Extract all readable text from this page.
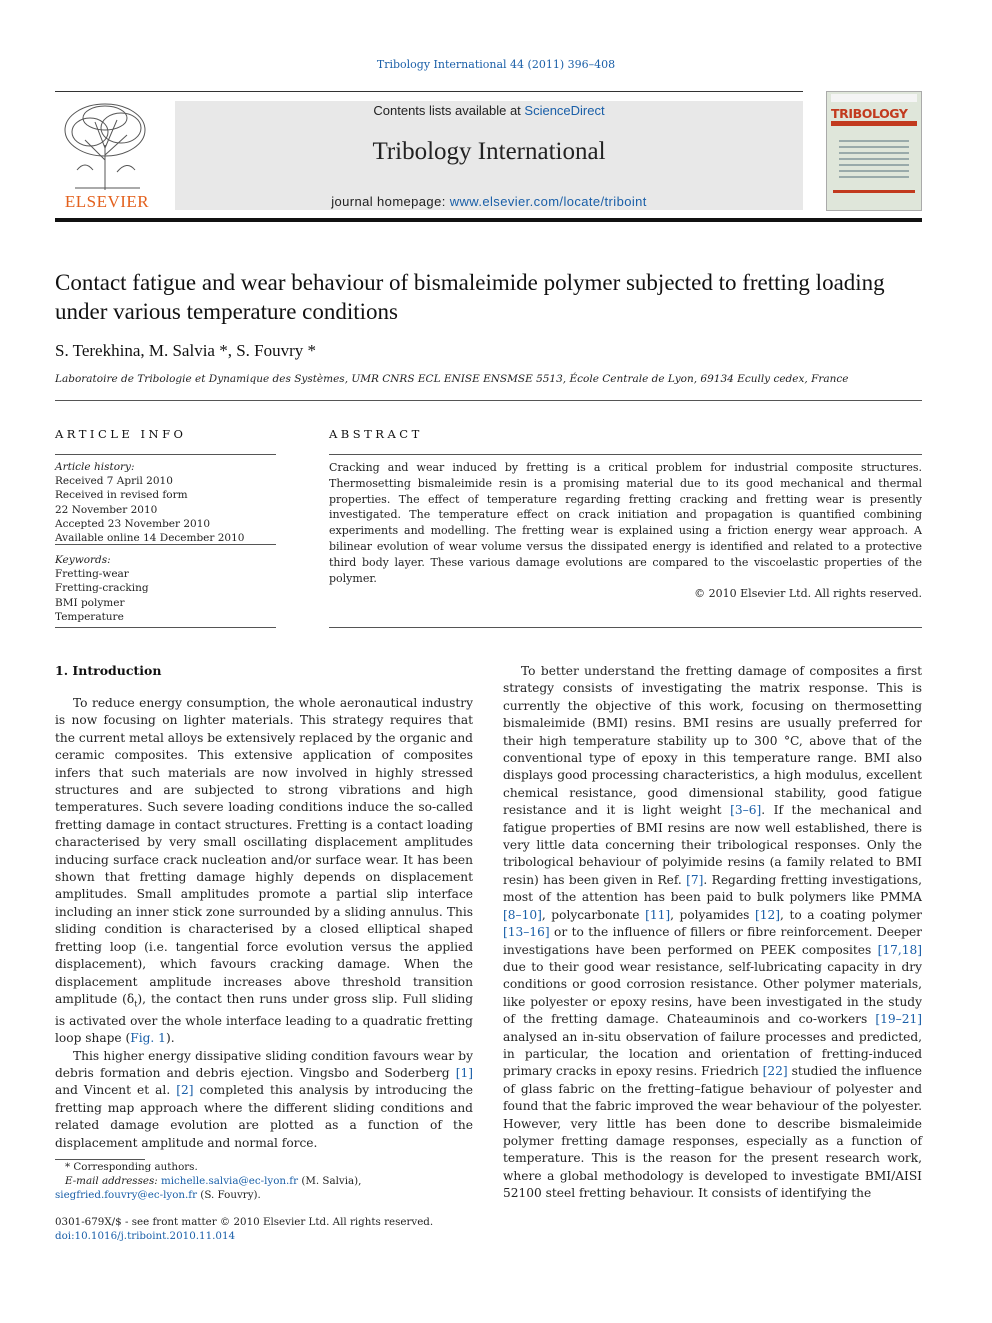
Tribology International 44 (2011) 396–408
ELSEVIER
Contents lists available at ScienceDirect
Tribology International
journal homepage: www.elsevier.com/locate/triboint
TRIBOLOGY
Contact fatigue and wear behaviour of bismaleimide polymer subjected to fretting loading under various temperature conditions
S. Terekhina, M. Salvia *, S. Fouvry *
Laboratoire de Tribologie et Dynamique des Systèmes, UMR CNRS ECL ENISE ENSMSE 5513, École Centrale de Lyon, 69134 Ecully cedex, France
ARTICLE INFO
Article history:
Received 7 April 2010
Received in revised form
22 November 2010
Accepted 23 November 2010
Available online 14 December 2010
Keywords:
Fretting-wear
Fretting-cracking
BMI polymer
Temperature
ABSTRACT
Cracking and wear induced by fretting is a critical problem for industrial composite structures. Thermosetting bismaleimide resin is a promising material due to its good mechanical and thermal properties. The effect of temperature regarding fretting cracking and fretting wear is presently investigated. The temperature effect on crack initiation and propagation is quantified combining experiments and modelling. The fretting wear is explained using a friction energy wear approach. A bilinear evolution of wear volume versus the dissipated energy is identified and related to a protective third body layer. These various damage evolutions are compared to the viscoelastic properties of the polymer.
© 2010 Elsevier Ltd. All rights reserved.
1. Introduction

To reduce energy consumption, the whole aeronautical industry is now focusing on lighter materials. This strategy requires that the current metal alloys be extensively replaced by the organic and ceramic composites. This extensive application of composites infers that such materials are now involved in highly stressed structures and are subjected to strong vibrations and high temperatures. Such severe loading conditions induce the so-called fretting damage in contact structures. Fretting is a contact loading characterised by very small oscillating displacement amplitudes inducing surface crack nucleation and/or surface wear. It has been shown that fretting damage highly depends on displacement amplitudes. Small amplitudes promote a partial slip interface including an inner stick zone surrounded by a sliding annulus. This sliding condition is characterised by a closed elliptical shaped fretting loop (i.e. tangential force evolution versus the applied displacement), which favours cracking damage. When the displacement amplitude increases above threshold transition amplitude $(\delta_t)$, the contact then runs under gross slip. Full sliding is activated over the whole interface leading to a quadratic fretting loop shape (Fig. 1).

This higher energy dissipative sliding condition favours wear by debris formation and debris ejection. Vingsbo and Soderberg [1] and Vincent et al. [2] completed this analysis by introducing the fretting map approach where the different sliding conditions and related damage evolution are plotted as a function of the displacement amplitude and normal force.

To better understand the fretting damage of composites a first strategy consists of investigating the matrix response. This is currently the objective of this work, focusing on thermosetting bismaleimide (BMI) resins. BMI resins are usually preferred for their high temperature stability up to 300 °C, above that of the conventional type of epoxy in this temperature range. BMI also displays good processing characteristics, a high modulus, excellent chemical resistance, good dimensional stability, good fatigue resistance and it is light weight [3–6]. If the mechanical and fatigue properties of BMI resins are now well established, there is very little data concerning their tribological responses. Only the tribological behaviour of polyimide resins (a family related to BMI resin) has been given in Ref. [7]. Regarding fretting investigations, most of the attention has been paid to bulk polymers like PMMA [8–10], polycarbonate [11], polyamides [12], to a coating polymer [13–16] or to the influence of fillers or fibre reinforcement. Deeper investigations have been performed on PEEK composites [17,18] due to their good wear resistance, self-lubricating capacity in dry conditions or good corrosion resistance. Other polymer materials, like polyester or epoxy resins, have been investigated in the study of the fretting damage. Chateauminois and co-workers [19–21] analysed an in-situ observation of failure processes and predicted, in particular, the location and orientation of fretting-induced primary cracks in epoxy resins. Friedrich [22] studied the influence of glass fabric on the fretting–fatigue behaviour of polyester and found that the fabric improved the wear behaviour of the polyester. However, very little has been done to describe bismaleimide polymer fretting damage responses, especially as a function of temperature. This is the reason for the present research work, where a global methodology is developed to investigate BMI/AISI 52100 steel fretting behaviour. It consists of identifying the

* Corresponding authors.
E-mail addresses: michelle.salvia@ec-lyon.fr (M. Salvia),
siegfried.fouvry@ec-lyon.fr (S. Fouvry).
0301-679X/$ - see front matter © 2010 Elsevier Ltd. All rights reserved.
doi:10.1016/j.triboint.2010.11.014
